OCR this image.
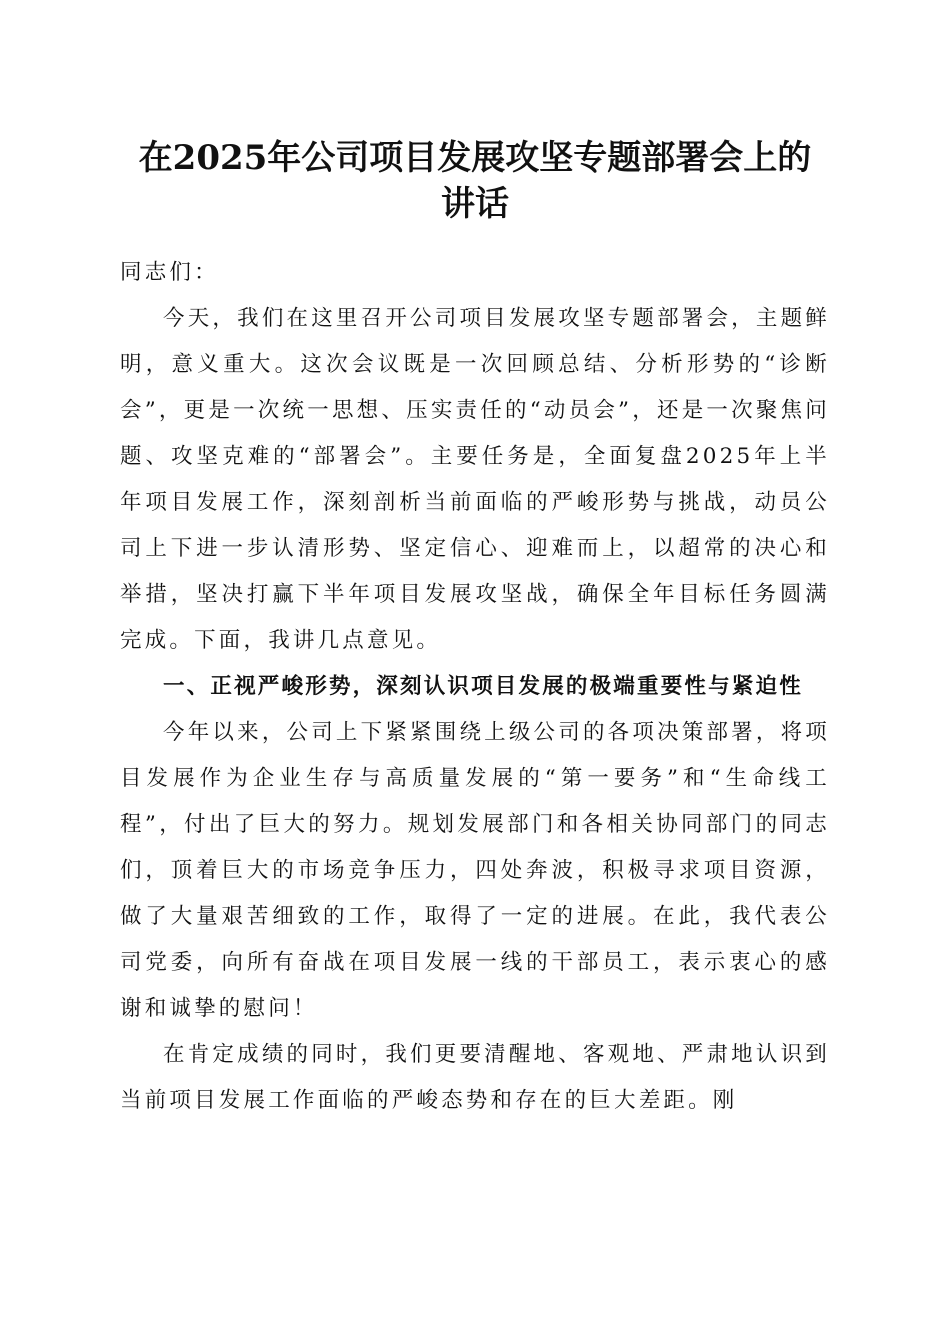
在2025年公司项目发展攻坚专题部署会上的
讲话

同志们：

今天，我们在这里召开公司项目发展攻坚专题部署会，主题鲜明，意义重大。这次会议既是一次回顾总结、分析形势的“诊断会”，更是一次统一思想、压实责任的“动员会”，还是一次聚焦问题、攻坚克难的“部署会”。主要任务是，全面复盘2025年上半年项目发展工作，深刻剖析当前面临的严峻形势与挑战，动员公司上下进一步认清形势、坚定信心、迎难而上，以超常的决心和举措，坚决打赢下半年项目发展攻坚战，确保全年目标任务圆满完成。下面，我讲几点意见。

一、正视严峻形势，深刻认识项目发展的极端重要性与紧迫性

今年以来，公司上下紧紧围绕上级公司的各项决策部署，将项目发展作为企业生存与高质量发展的“第一要务”和“生命线工程”，付出了巨大的努力。规划发展部门和各相关协同部门的同志们，顶着巨大的市场竞争压力，四处奔波，积极寻求项目资源，做了大量艰苦细致的工作，取得了一定的进展。在此，我代表公司党委，向所有奋战在项目发展一线的干部员工，表示衷心的感谢和诚挚的慰问！

在肯定成绩的同时，我们更要清醒地、客观地、严肃地认识到当前项目发展工作面临的严峻态势和存在的巨大差距。刚
